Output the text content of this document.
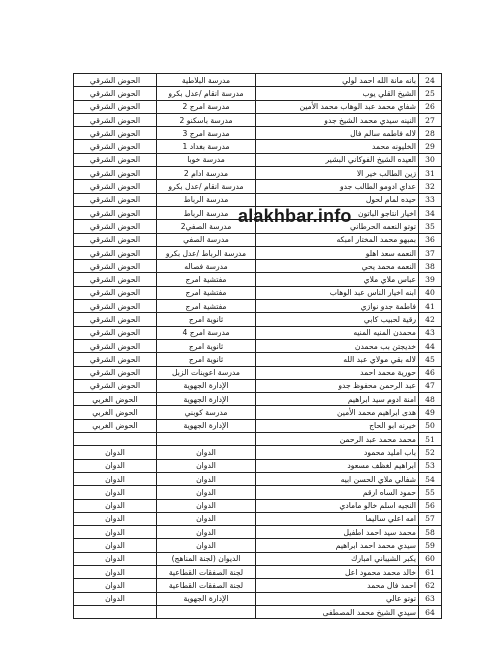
الحوض الشرقي	مدرسة البلاطية	بانه مانة الله احمد لولي	24
الحوض الشرقي	مدرسة انقام /عدل بكرو	الشيخ القلي يوب	25
الحوض الشرقي	مدرسة امرج 2	شفاي محمد عبد الوهاب محمد الأمين	26
الحوض الشرقي	مدرسة باسكنو 2	النينه سيدي محمد الشيخ جدو	27
الحوض الشرقي	مدرسة امرج 3	لاله فاطمه سالم فال	28
الحوض الشرقي	مدرسة بغداد 1	الخليونه محمد	29
الحوض الشرقي	مدرسة خوبا	العيده الشيخ الفوكاني البشير	30
الحوض الشرقي	مدرسة ادام 2	زين الطالب خير الا	31
الحوض الشرقي	مدرسة انقام /عدل بكرو	عداي ادومو الطالب جدو	32
الحوض الشرقي	مدرسة الرباط	حيده لمام لحول	33
الحوض الشرقي	مدرسة الرباط	اخيار انتاجو الباتون	34
الحوض الشرقي	مدرسة الصفي2	توتو النعمه الحرطاني	35
الحوض الشرقي	مدرسة الصفي	بمبهو محمد المختار امبكه	36
الحوض الشرقي	مدرسة الرباط /عدل بكرو	النعمه سعد اهلو	37
الحوض الشرقي	مدرسة فصاله	النعمه محمد يحي	38
الحوض الشرقي	مفتشية امرج	عباس ملاي ملاي	39
الحوض الشرقي	مفتشية امرج	ابنه اخيار الناس عبد الوهاب	40
الحوض الشرقي	مفتشية امرج	فاطمة جدو نوازي	41
الحوض الشرقي	ثانوية امرج	رقية لحبيب كابي	42
الحوض الشرقي	مدرسة امرج 4	محمدن المنيه المنيه	43
الحوض الشرقي	ثانوية امرج	خديجتن بب محمدن	44
الحوض الشرقي	ثانوية امرج	لاله بقي مولاي عبد الله	45
الحوض الشرقي	مدرسة اعوينات الزبل	حورية محمد احمد	46
الحوض الشرقي	الإدارة الجهوية	عبد الرحمن محفوظ جدو	47
الحوض الغربي	الإدارة الجهوية	امنة ادوم سيد ابراهيم	48
الحوض الغربي	مدرسة كوبني	هدى ابراهيم محمد الأمين	49
الحوض الغربي	الإدارة الجهوية	خيرنه ابو الحاج	50
		محمد محمد عبد الرحمن	51
الدوان	الدوان	باب امليد محمود	52
الدوان	الدوان	ابراهيم لغظف مسعود	53
الدوان	الدوان	شفالي ملاي الحسن ابيه	54
الدوان	الدوان	حمود الساه ارقم	55
الدوان	الدوان	النجيه اسلم خالو مامادي	56
الدوان	الدوان	امه اعلي ساليما	57
الدوان	الدوان	محمد سيد احمد اطفيل	58
الدوان	الدوان	سيدي محمد احمد ابراهيم	59
الدوان	الديوان (لجنة المناهج)	يكبر الشيباني امبارك	60
الدوان	لجنة الصفقات القطاعية	خالد محمد محمود اعل	61
الدوان	لجنة الصفقات القطاعية	احمد فال محمد	62
الدوان	الإدارة الجهوية	توتو عالي	63
		سيدي الشيخ محمد المصطفى	64
alakhbar.info
